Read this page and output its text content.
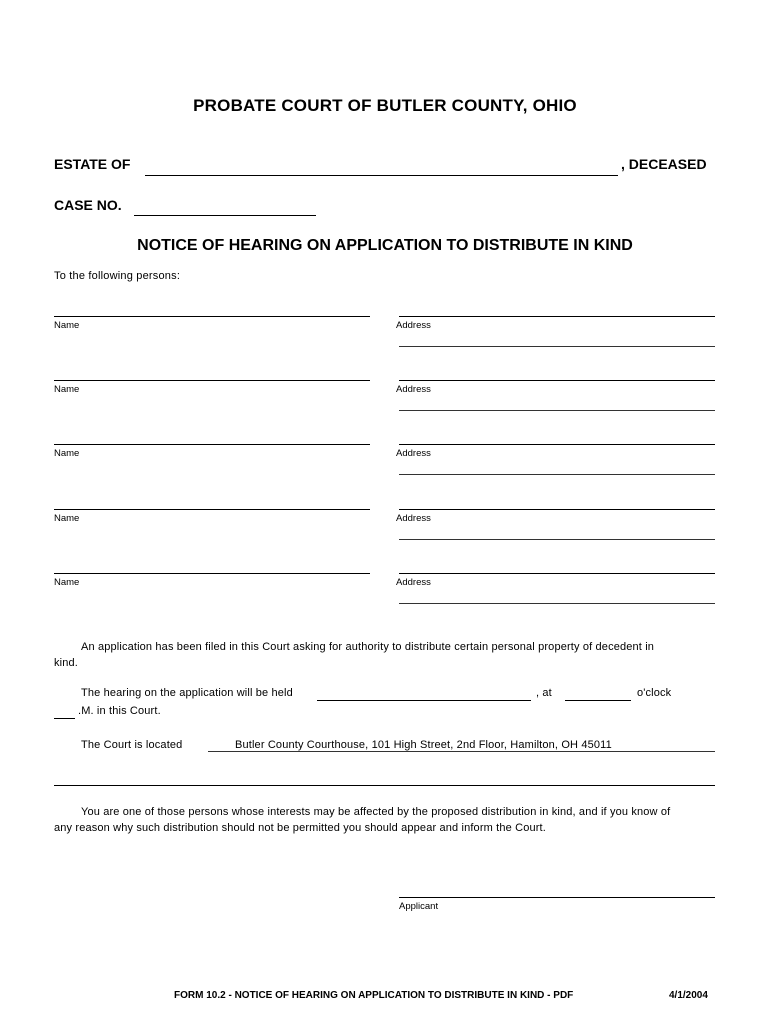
PROBATE COURT OF BUTLER COUNTY, OHIO
ESTATE OF	, DECEASED
CASE NO.
NOTICE OF HEARING ON APPLICATION TO DISTRIBUTE IN KIND
To the following persons:
Name	Address
Name	Address
Name	Address
Name	Address
Name	Address
An application has been filed in this Court asking for authority to distribute certain personal property of decedent in
kind.
The hearing on the application will be held	, at	o'clock
.M. in this Court.
The Court is located	Butler County Courthouse, 101 High Street, 2nd Floor, Hamilton, OH 45011
You are one of those persons whose interests may be affected by the proposed distribution in kind, and if you know of
any reason why such distribution should not be permitted you should appear and inform the Court.
Applicant
FORM 10.2 - NOTICE OF HEARING ON APPLICATION TO DISTRIBUTE IN KIND - PDF	4/1/2004
